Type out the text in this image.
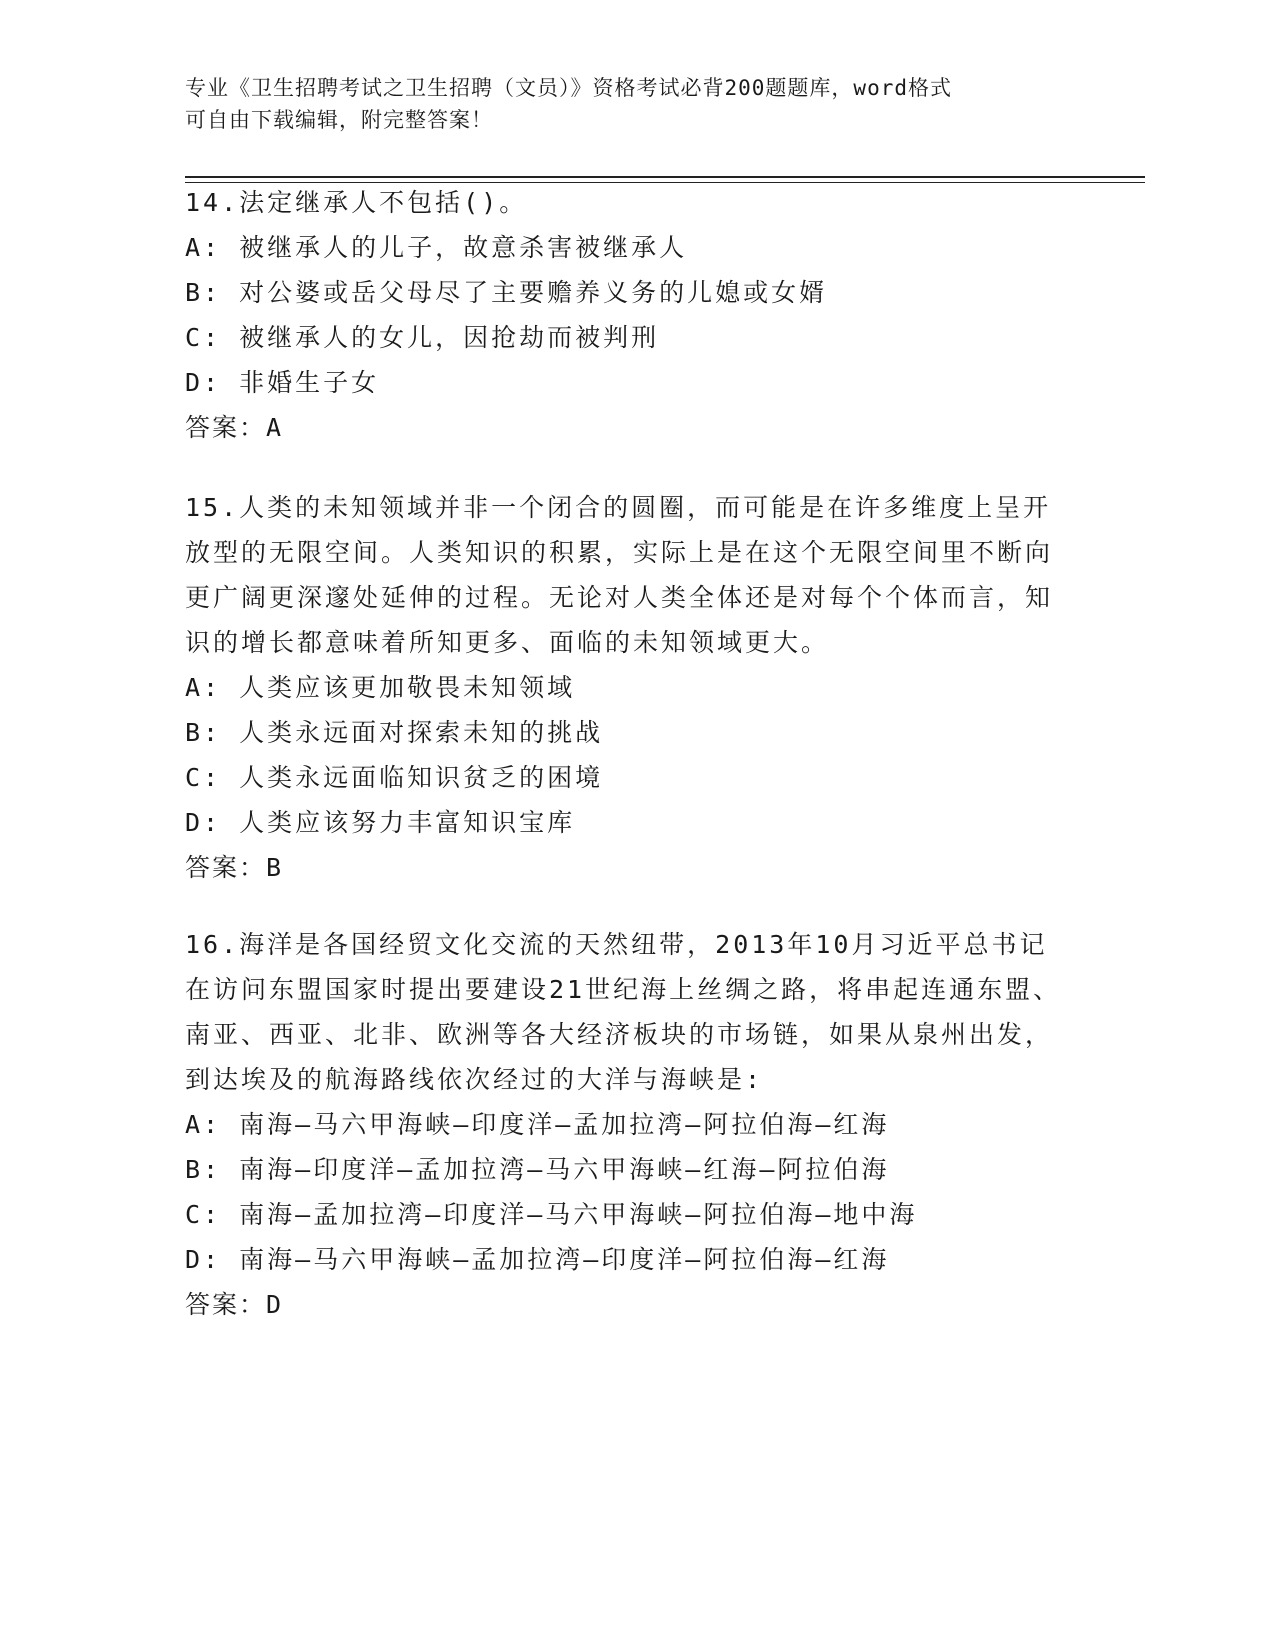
专业《卫生招聘考试之卫生招聘（文员）》资格考试必背200题题库，word格式

可自由下载编辑，附完整答案！

14.法定继承人不包括()。

A: 被继承人的儿子，故意杀害被继承人

B: 对公婆或岳父母尽了主要赡养义务的儿媳或女婿

C: 被继承人的女儿，因抢劫而被判刑

D: 非婚生子女

答案：A

15.人类的未知领域并非一个闭合的圆圈，而可能是在许多维度上呈开放型的无限空间。人类知识的积累，实际上是在这个无限空间里不断向更广阔更深邃处延伸的过程。无论对人类全体还是对每个个体而言，知识的增长都意味着所知更多、面临的未知领域更大。

A: 人类应该更加敬畏未知领域

B: 人类永远面对探索未知的挑战

C: 人类永远面临知识贫乏的困境

D: 人类应该努力丰富知识宝库

答案：B

16.海洋是各国经贸文化交流的天然纽带，2013年10月习近平总书记在访问东盟国家时提出要建设21世纪海上丝绸之路，将串起连通东盟、南亚、西亚、北非、欧洲等各大经济板块的市场链，如果从泉州出发，到达埃及的航海路线依次经过的大洋与海峡是:

A: 南海—马六甲海峡—印度洋—孟加拉湾—阿拉伯海—红海

B: 南海—印度洋—孟加拉湾—马六甲海峡—红海—阿拉伯海

C: 南海—孟加拉湾—印度洋—马六甲海峡—阿拉伯海—地中海

D: 南海—马六甲海峡—孟加拉湾—印度洋—阿拉伯海—红海

答案：D
